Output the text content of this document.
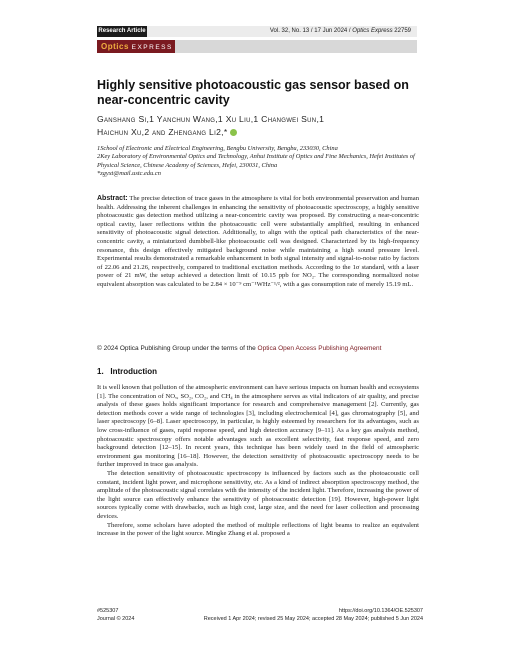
Research Article	Vol. 32, No. 13 / 17 Jun 2024 / Optics Express 22759
Optics EXPRESS
Highly sensitive photoacoustic gas sensor based on near-concentric cavity
Ganshang Si,1 Yanchun Wang,1 Xu Liu,1 Changwei Sun,1
Haichun Xu,2 and Zhengang Li2,*
1School of Electronic and Electrical Engineering, Bengbu University, Bengbu, 233030, China
2Key Laboratory of Environmental Optics and Technology, Anhui Institute of Optics and Fine Mechanics, Hefei Institutes of Physical Science, Chinese Academy of Sciences, Hefei, 230031, China
*zgyxt@mail.ustc.edu.cn
Abstract: The precise detection of trace gases in the atmosphere is vital for both environmental preservation and human health. Addressing the inherent challenges in enhancing the sensitivity of photoacoustic spectroscopy, a highly sensitive photoacoustic gas detection method utilizing a near-concentric cavity was proposed. By constructing a near-concentric optical cavity, laser reflections within the photoacoustic cell were substantially amplified, resulting in enhanced sensitivity of photoacoustic signal detection. Additionally, to align with the optical path characteristics of the near-concentric cavity, a miniaturized dumbbell-like photoacoustic cell was designed. Characterized by its high-frequency resonance, this design effectively mitigated background noise while maintaining a high sound pressure level. Experimental results demonstrated a remarkable enhancement in both signal intensity and signal-to-noise ratio by factors of 22.06 and 21.26, respectively, compared to traditional excitation methods. According to the 1σ standard, with a laser power of 21 mW, the setup achieved a detection limit of 10.15 ppb for NO₂. The corresponding normalized noise equivalent absorption was calculated to be 2.84 × 10⁻⁹ cm⁻¹WHz⁻¹/², with a gas consumption rate of merely 15.19 mL.
© 2024 Optica Publishing Group under the terms of the Optica Open Access Publishing Agreement
1. Introduction

It is well known that pollution of the atmospheric environment can have serious impacts on human health and ecosystems [1]. The concentration of NOₓ, SO₂, CO₂, and CH₄ in the atmosphere serves as vital indicators of air quality, and precise analysis of these gases holds significant importance for research and comprehensive management [2]. Currently, gas detection methods cover a wide range of technologies [3], including electrochemical [4], gas chromatography [5], and laser spectroscopy [6–8]. Laser spectroscopy, in particular, is highly esteemed by researchers for its advantages, such as low cross-influence of gases, rapid response speed, and high detection accuracy [9–11]. As a key gas analysis method, photoacoustic spectroscopy offers notable advantages such as excellent selectivity, fast response speed, and zero background detection [12–15]. In recent years, this technique has been widely used in the field of atmospheric environment gas monitoring [16–18]. However, the detection sensitivity of photoacoustic spectroscopy needs to be further improved in trace gas analysis.

The detection sensitivity of photoacoustic spectroscopy is influenced by factors such as the photoacoustic cell constant, incident light power, and microphone sensitivity, etc. As a kind of indirect absorption spectroscopy method, the amplitude of the photoacoustic signal correlates with the intensity of the incident light. Therefore, increasing the power of the light source can effectively enhance the sensitivity of photoacoustic detection [19]. However, high-power light sources typically come with drawbacks, such as high cost, large size, and the need for laser collection and processing devices.

Therefore, some scholars have adopted the method of multiple reflections of light beams to realize an equivalent increase in the power of the light source. Mingke Zhang et al. proposed a

#525307
Journal © 2024
https://doi.org/10.1364/OE.525307
Received 1 Apr 2024; revised 25 May 2024; accepted 28 May 2024; published 5 Jun 2024
